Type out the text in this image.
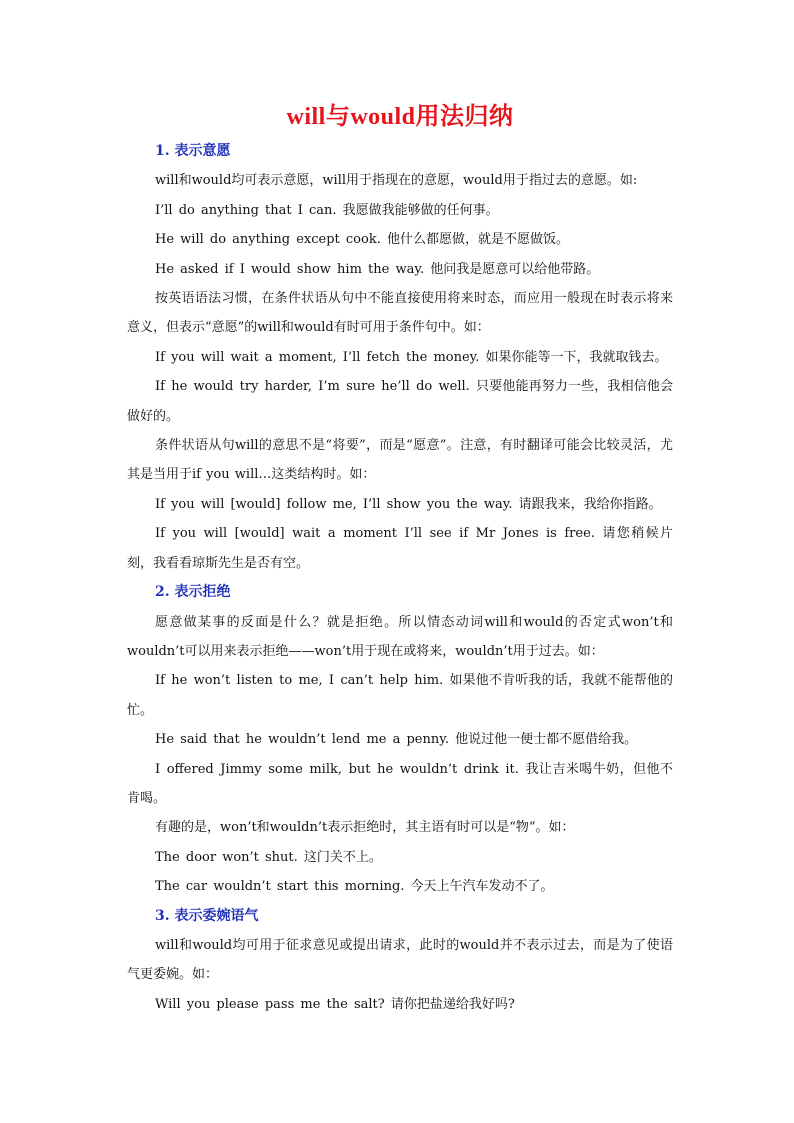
will与would用法归纳

1. 表示意愿

will和would均可表示意愿，will用于指现在的意愿，would用于指过去的意愿。如:

I’ll do anything that I can. 我愿做我能够做的任何事。

He will do anything except cook. 他什么都愿做，就是不愿做饭。

He asked if I would show him the way. 他问我是愿意可以给他带路。

按英语语法习惯，在条件状语从句中不能直接使用将来时态，而应用一般现在时表示将来意义，但表示“意愿”的will和would有时可用于条件句中。如：

If you will wait a moment, I’ll fetch the money. 如果你能等一下，我就取钱去。

If he would try harder, I’m sure he’ll do well. 只要他能再努力一些，我相信他会做好的。

条件状语从句will的意思不是“将要”，而是“愿意”。注意，有时翻译可能会比较灵活，尤其是当用于if you will…这类结构时。如：

If you will [would] follow me, I’ll show you the way. 请跟我来，我给你指路。

If you will [would] wait a moment I’ll see if Mr Jones is free. 请您稍候片刻，我看看琼斯先生是否有空。

2. 表示拒绝

愿意做某事的反面是什么？就是拒绝。所以情态动词will和would的否定式won’t和wouldn’t可以用来表示拒绝——won’t用于现在或将来，wouldn’t用于过去。如：

If he won’t listen to me, I can’t help him. 如果他不肯听我的话，我就不能帮他的忙。

He said that he wouldn’t lend me a penny. 他说过他一便士都不愿借给我。

I offered Jimmy some milk, but he wouldn’t drink it. 我让吉米喝牛奶，但他不肯喝。

有趣的是，won’t和wouldn’t表示拒绝时，其主语有时可以是“物”。如：

The door won’t shut. 这门关不上。

The car wouldn’t start this morning. 今天上午汽车发动不了。

3. 表示委婉语气

will和would均可用于征求意见或提出请求，此时的would并不表示过去，而是为了使语气更委婉。如：

Will you please pass me the salt? 请你把盐递给我好吗?
